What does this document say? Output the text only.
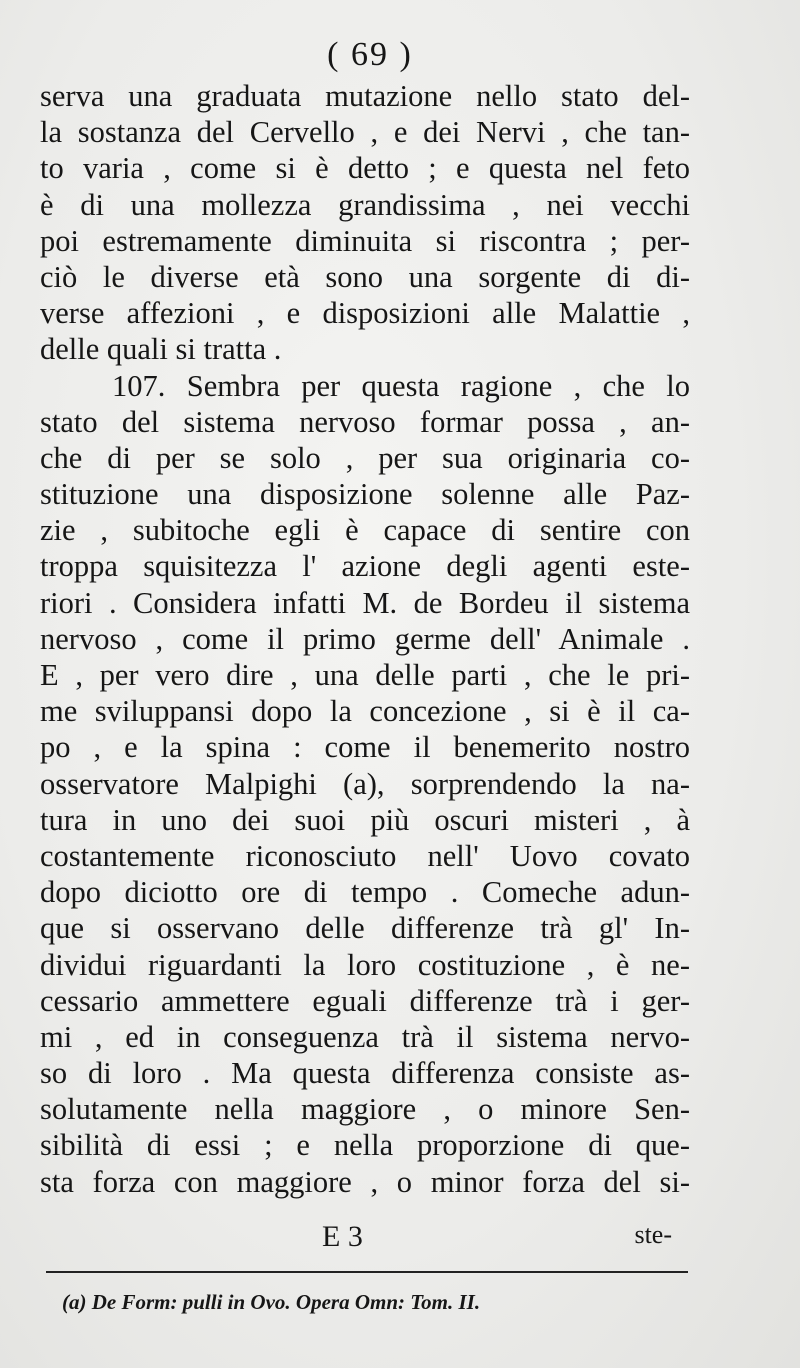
( 69 )
serva una graduata mutazione nello stato del-
la sostanza del Cervello , e dei Nervi , che tan-
to varia , come si è detto ; e questa nel feto
è di una mollezza grandissima , nei vecchi
poi estremamente diminuita si riscontra ; per-
ciò le diverse età sono una sorgente di di-
verse affezioni , e disposizioni alle Malattie ,
delle quali si tratta .
107. Sembra per questa ragione , che lo
stato del sistema nervoso formar possa , an-
che di per se solo , per sua originaria co-
stituzione una disposizione solenne alle Paz-
zie , subitoche egli è capace di sentire con
troppa squisitezza l' azione degli agenti este-
riori . Considera infatti M. de Bordeu il sistema
nervoso , come il primo germe dell' Animale .
E , per vero dire , una delle parti , che le pri-
me sviluppansi dopo la concezione , si è il ca-
po , e la spina : come il benemerito nostro
osservatore Malpighi (a), sorprendendo la na-
tura in uno dei suoi più oscuri misteri , à
costantemente riconosciuto nell' Uovo covato
dopo diciotto ore di tempo . Comeche adun-
que si osservano delle differenze trà gl' In-
dividui riguardanti la loro costituzione , è ne-
cessario ammettere eguali differenze trà i ger-
mi , ed in conseguenza trà il sistema nervo-
so di loro . Ma questa differenza consiste as-
solutamente nella maggiore , o minore Sen-
sibilità di essi ; e nella proporzione di que-
sta forza con maggiore , o minor forza del si-
E 3	ste-
(a) De Form: pulli in Ovo. Opera Omn: Tom. II.
